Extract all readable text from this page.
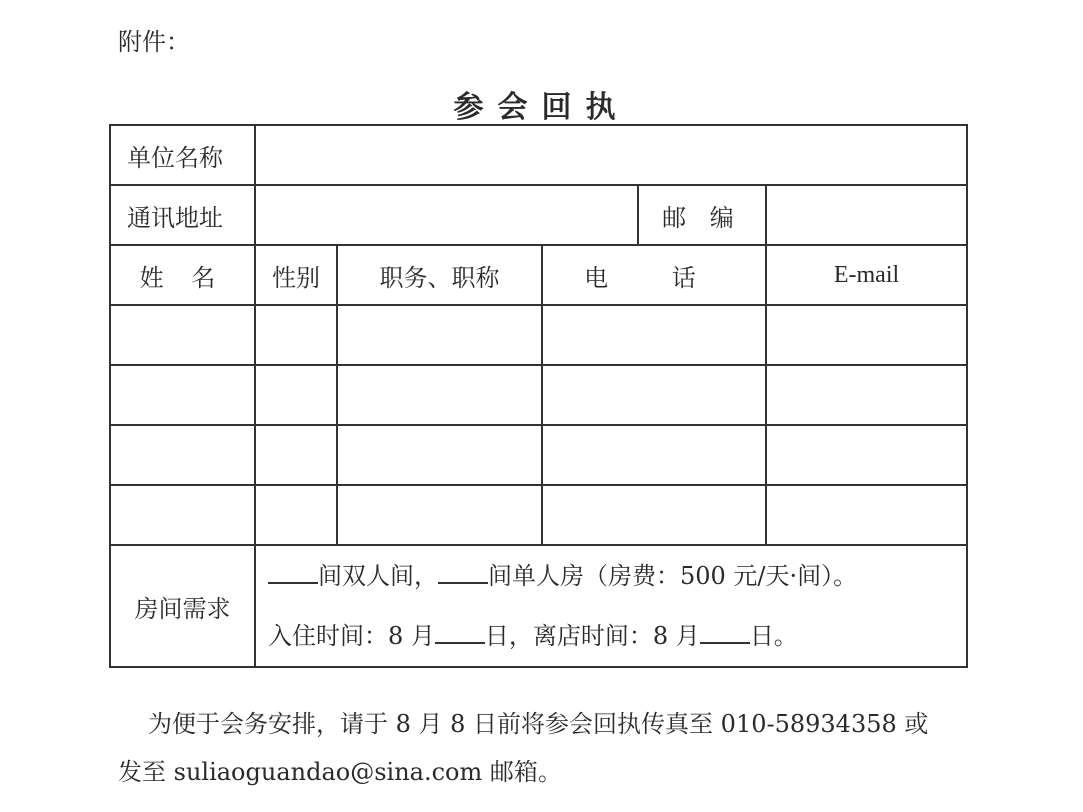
附件：
参会回执
单位名称					
通讯地址				邮 编	
姓 名	性别	职务、职称	电 话		E-mail

房间需求	间双人间， 间单人房（房费：500 元/天·间）。
入住时间：8 月 日，离店时间：8 月 日。				
为便于会务安排，请于 8 月 8 日前将参会回执传真至 010-58934358 或
发至 suliaoguandao@sina.com 邮箱。
